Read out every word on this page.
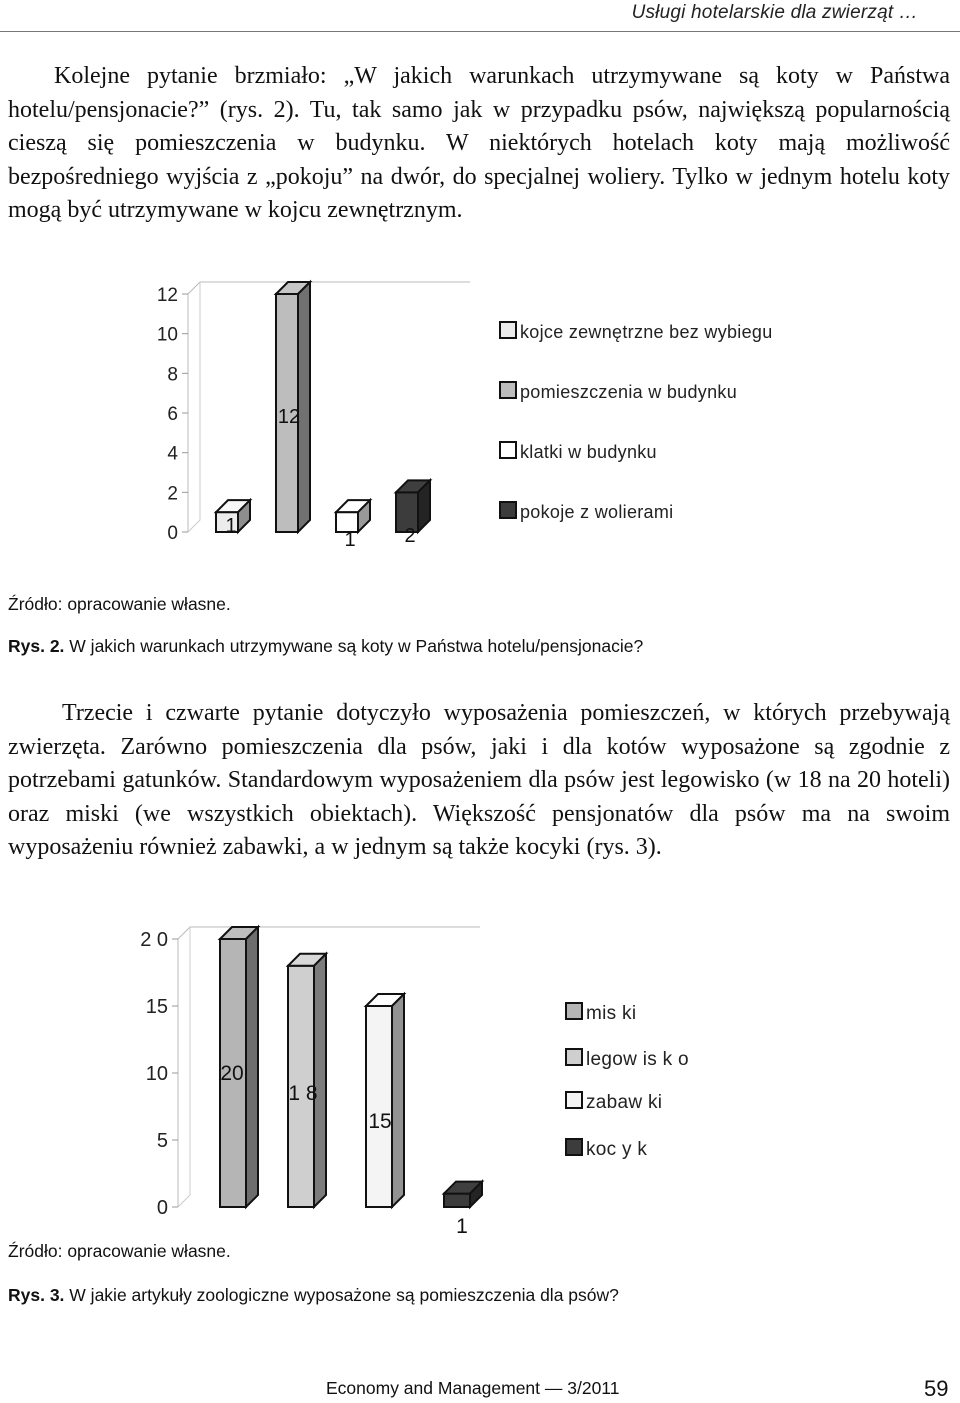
Usługi hotelarskie dla zwierząt …

Kolejne pytanie brzmiało: „W jakich warunkach utrzymywane są koty w Państwa hotelu/pensjonacie?” (rys. 2). Tu, tak samo jak w przypadku psów, największą popularnością cieszą się pomieszczenia w budynku. W niektórych hotelach koty mają możliwość bezpośredniego wyjścia z „pokoju” na dwór, do specjalnej woliery. Tylko w jednym hotelu koty mogą być utrzymywane w kojcu zewnętrznym.

0
2
4
6
8
10
12
1
12
1 2
kojce zewnętrzne bez wybiegu
pomieszczenia w budynku
klatki w budynku
pokoje z wolierami
Źródło: opracowanie własne.
Rys. 2. W jakich warunkach utrzymywane są koty w Państwa hotelu/pensjonacie?

Trzecie i czwarte pytanie dotyczyło wyposażenia pomieszczeń, w których przebywają zwierzęta. Zarówno pomieszczenia dla psów, jaki i dla kotów wyposażone są zgodnie z potrzebami gatunków. Standardowym wyposażeniem dla psów jest legowisko (w 18 na 20 hoteli) oraz miski (we wszystkich obiektach). Większość pensjonatów dla psów ma na swoim wyposażeniu również zabawki, a w jednym są także kocyki (rys. 3).

0
5
10
15
2 0
20
1 8
15
1
mis ki
legow is k o
zabaw ki
koc y k
Źródło: opracowanie własne.
Rys. 3. W jakie artykuły zoologiczne wyposażone są pomieszczenia dla psów?
Economy and Management — 3/2011	59
